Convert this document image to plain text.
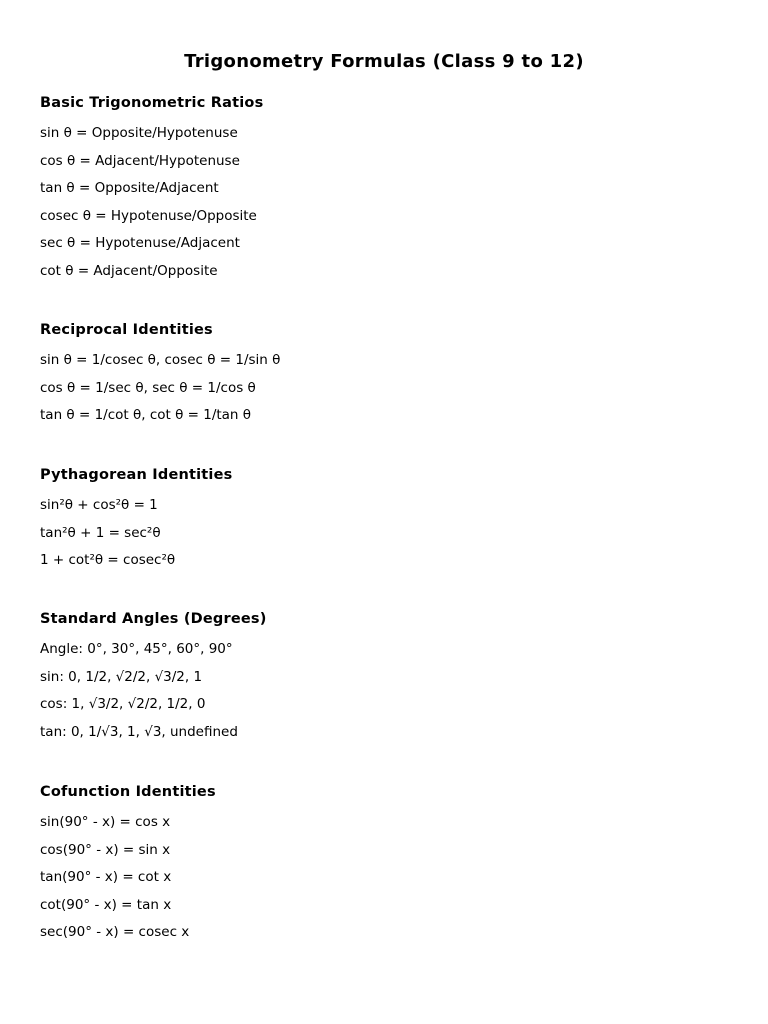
Trigonometry Formulas (Class 9 to 12)
Basic Trigonometric Ratios
sin θ = Opposite/Hypotenuse
cos θ = Adjacent/Hypotenuse
tan θ = Opposite/Adjacent
cosec θ = Hypotenuse/Opposite
sec θ = Hypotenuse/Adjacent
cot θ = Adjacent/Opposite
Reciprocal Identities
sin θ = 1/cosec θ, cosec θ = 1/sin θ
cos θ = 1/sec θ, sec θ = 1/cos θ
tan θ = 1/cot θ, cot θ = 1/tan θ
Pythagorean Identities
sin²θ + cos²θ = 1
tan²θ + 1 = sec²θ
1 + cot²θ = cosec²θ
Standard Angles (Degrees)
Angle: 0°, 30°, 45°, 60°, 90°
sin: 0, 1/2, √2/2, √3/2, 1
cos: 1, √3/2, √2/2, 1/2, 0
tan: 0, 1/√3, 1, √3, undefined
Cofunction Identities
sin(90° - x) = cos x
cos(90° - x) = sin x
tan(90° - x) = cot x
cot(90° - x) = tan x
sec(90° - x) = cosec x
